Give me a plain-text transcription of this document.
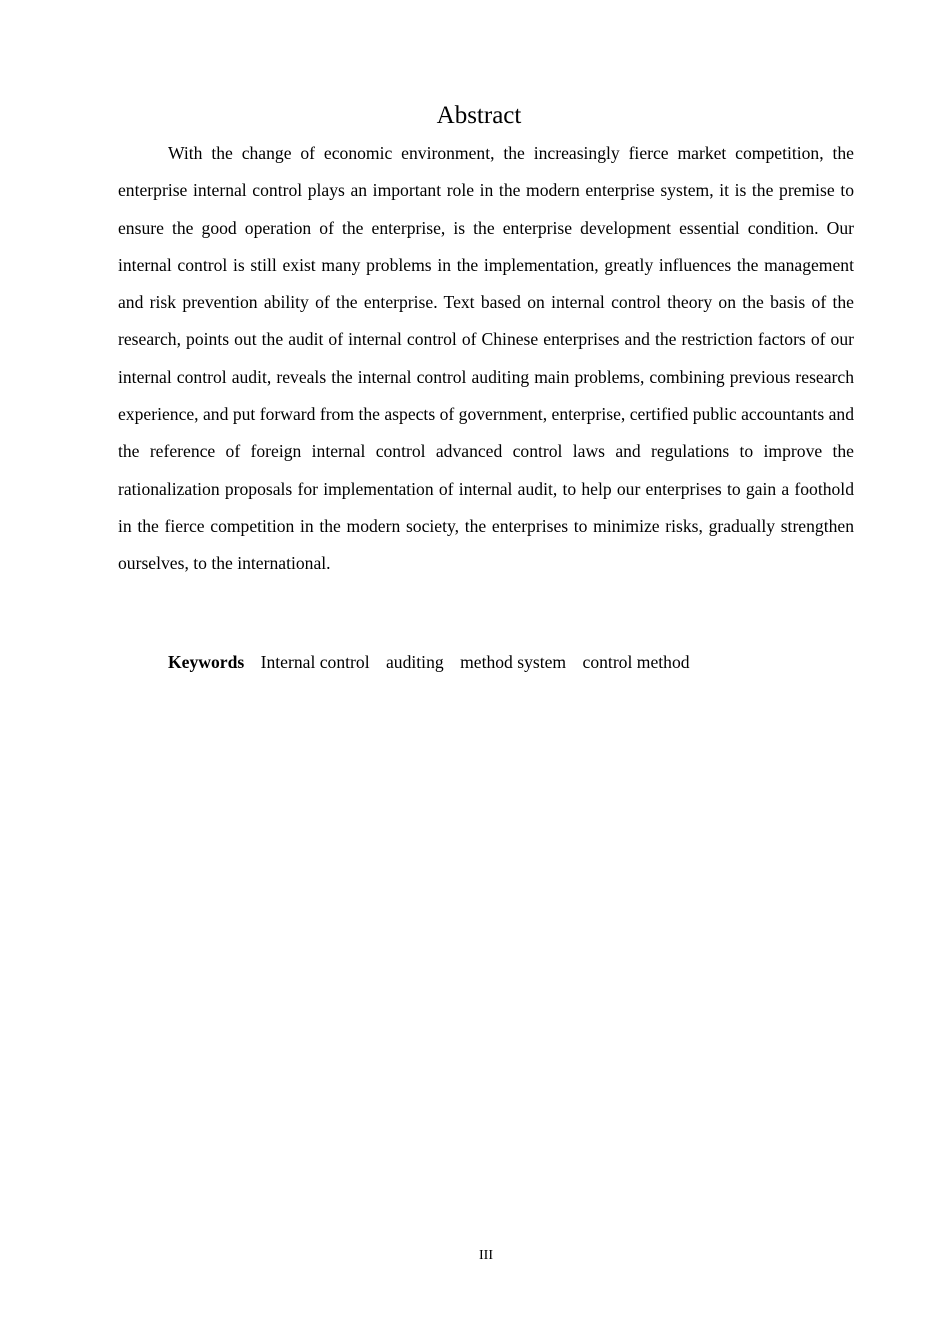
Abstract

With the change of economic environment, the increasingly fierce market competition, the enterprise internal control plays an important role in the modern enterprise system, it is the premise to ensure the good operation of the enterprise, is the enterprise development essential condition. Our internal control is still exist many problems in the implementation, greatly influences the management and risk prevention ability of the enterprise. Text based on internal control theory on the basis of the research, points out the audit of internal control of Chinese enterprises and the restriction factors of our internal control audit, reveals the internal control auditing main problems, combining previous research experience, and put forward from the aspects of government, enterprise, certified public accountants and the reference of foreign internal control advanced control laws and regulations to improve the rationalization proposals for implementation of internal audit, to help our enterprises to gain a foothold in the fierce competition in the modern society, the enterprises to minimize risks, gradually strengthen ourselves, to the international.

Keywords Internal control auditing method system control method

III
